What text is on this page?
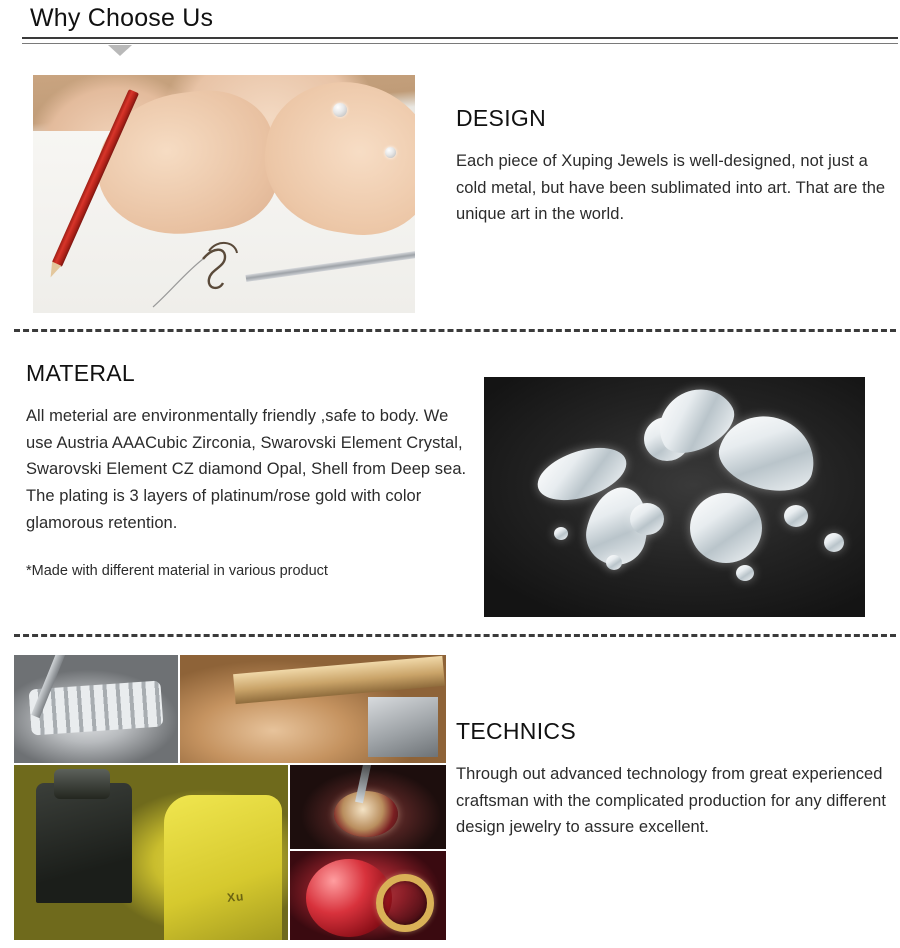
Why Choose Us
DESIGN

Each piece of Xuping Jewels is well-designed, not just a cold metal, but have been sublimated into art. That are the unique art in the world.

MATERAL

All meterial are environmentally friendly ,safe to body. We use Austria AAACubic Zirconia, Swarovski Element Crystal, Swarovski Element CZ diamond Opal, Shell from Deep sea. The plating is 3 layers of platinum/rose gold with color glamorous retention.

*Made with different material in various product

Xu
TECHNICS

Through out advanced technology from great experienced craftsman with the complicated production for any different design jewelry to assure excellent.
